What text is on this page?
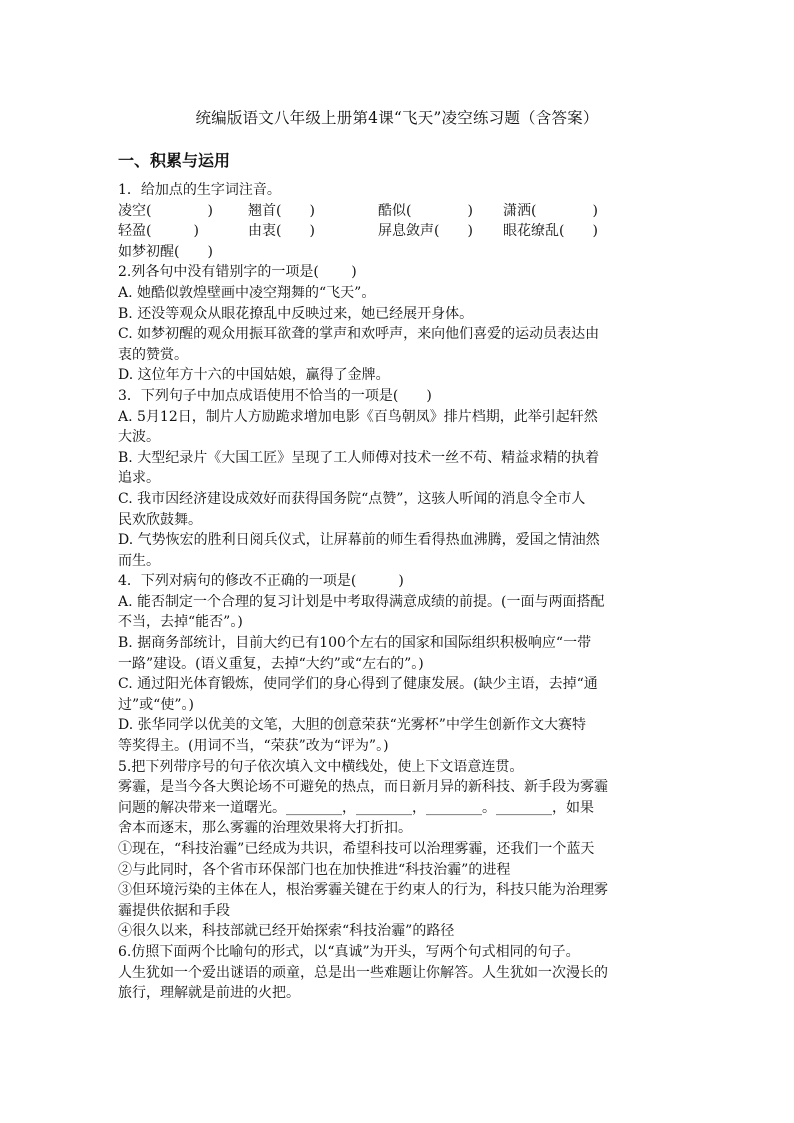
统编版语文八年级上册第4课“飞天”凌空练习题（含答案）
一、积累与运用
1．给加点的生字词注音。
凌空(　　　　)	翘首(　　)	酷似(　　　　)	潇洒(　　　　)
轻盈(　　　)	由衷(　　)	屏息敛声(　　)	眼花缭乱(　　)
如梦初醒(　　)
2.列各句中没有错别字的一项是(　　 )
A. 她酷似敦煌壁画中凌空翔舞的“飞天”。
B. 还没等观众从眼花撩乱中反映过来，她已经展开身体。
C. 如梦初醒的观众用振耳欲聋的掌声和欢呼声，来向他们喜爱的运动员表达由
衷的赞赏。
D. 这位年方十六的中国姑娘，赢得了金牌。
3．下列句子中加点成语使用不恰当的一项是(　　)
A. 5月12日，制片人方励跪求增加电影《百鸟朝凤》排片档期，此举引起轩然
大波。
B. 大型纪录片《大国工匠》呈现了工人师傅对技术一丝不苟、精益求精的执着
追求。
C. 我市因经济建设成效好而获得国务院“点赞”，这骇人听闻的消息令全市人
民欢欣鼓舞。
D. 气势恢宏的胜利日阅兵仪式，让屏幕前的师生看得热血沸腾，爱国之情油然
而生。
4．下列对病句的修改不正确的一项是(　　　)
A. 能否制定一个合理的复习计划是中考取得满意成绩的前提。(一面与两面搭配
不当，去掉“能否”。)
B. 据商务部统计，目前大约已有100个左右的国家和国际组织积极响应“一带
一路”建设。(语义重复，去掉“大约”或“左右的”。)
C. 通过阳光体育锻炼，使同学们的身心得到了健康发展。(缺少主语，去掉“通
过”或“使”。)
D. 张华同学以优美的文笔，大胆的创意荣获“光雾杯”中学生创新作文大赛特
等奖得主。(用词不当，“荣获”改为“评为”。)
5.把下列带序号的句子依次填入文中横线处，使上下文语意连贯。
雾霾，是当今各大舆论场不可避免的热点，而日新月异的新科技、新手段为雾霾
问题的解决带来一道曙光。________，________，________。________，如果
舍本而逐末，那么雾霾的治理效果将大打折扣。
①现在，“科技治霾”已经成为共识，希望科技可以治理雾霾，还我们一个蓝天
②与此同时，各个省市环保部门也在加快推进“科技治霾”的进程
③但环境污染的主体在人，根治雾霾关键在于约束人的行为，科技只能为治理雾
霾提供依据和手段
④很久以来，科技部就已经开始探索“科技治霾”的路径
6.仿照下面两个比喻句的形式，以“真诚”为开头，写两个句式相同的句子。
人生犹如一个爱出谜语的顽童，总是出一些难题让你解答。人生犹如一次漫长的
旅行，理解就是前进的火把。
